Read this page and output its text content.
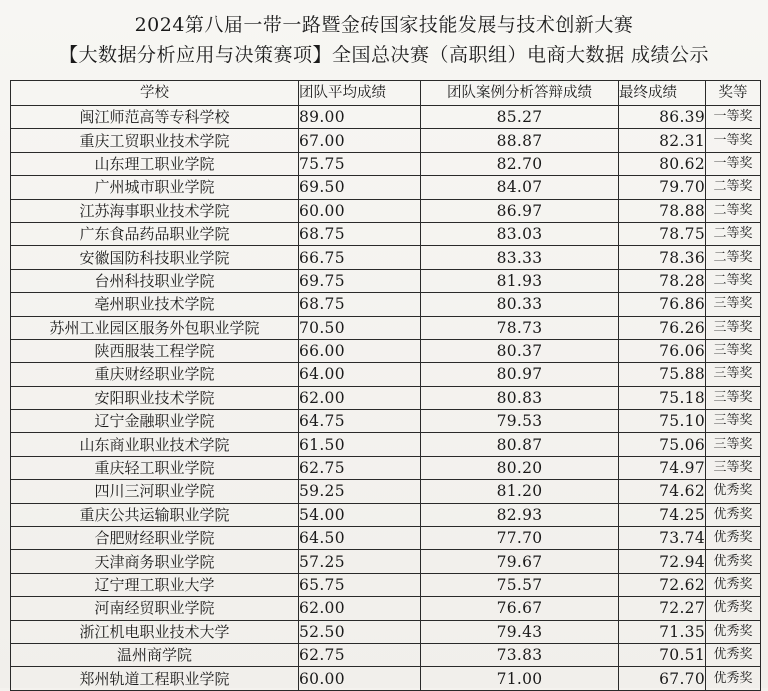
2024第八届一带一路暨金砖国家技能发展与技术创新大赛
【大数据分析应用与决策赛项】全国总决赛（高职组）电商大数据 成绩公示
学校	团队平均成绩	团队案例分析答辩成绩	最终成绩	奖等
闽江师范高等专科学校	89.00	85.27	86.39	一等奖
重庆工贸职业技术学院	67.00	88.87	82.31	一等奖
山东理工职业学院	75.75	82.70	80.62	一等奖
广州城市职业学院	69.50	84.07	79.70	二等奖
江苏海事职业技术学院	60.00	86.97	78.88	二等奖
广东食品药品职业学院	68.75	83.03	78.75	二等奖
安徽国防科技职业学院	66.75	83.33	78.36	二等奖
台州科技职业学院	69.75	81.93	78.28	二等奖
亳州职业技术学院	68.75	80.33	76.86	三等奖
苏州工业园区服务外包职业学院	70.50	78.73	76.26	三等奖
陕西服装工程学院	66.00	80.37	76.06	三等奖
重庆财经职业学院	64.00	80.97	75.88	三等奖
安阳职业技术学院	62.00	80.83	75.18	三等奖
辽宁金融职业学院	64.75	79.53	75.10	三等奖
山东商业职业技术学院	61.50	80.87	75.06	三等奖
重庆轻工职业学院	62.75	80.20	74.97	三等奖
四川三河职业学院	59.25	81.20	74.62	优秀奖
重庆公共运输职业学院	54.00	82.93	74.25	优秀奖
合肥财经职业学院	64.50	77.70	73.74	优秀奖
天津商务职业学院	57.25	79.67	72.94	优秀奖
辽宁理工职业大学	65.75	75.57	72.62	优秀奖
河南经贸职业学院	62.00	76.67	72.27	优秀奖
浙江机电职业技术大学	52.50	79.43	71.35	优秀奖
温州商学院	62.75	73.83	70.51	优秀奖
郑州轨道工程职业学院	60.00	71.00	67.70	优秀奖
